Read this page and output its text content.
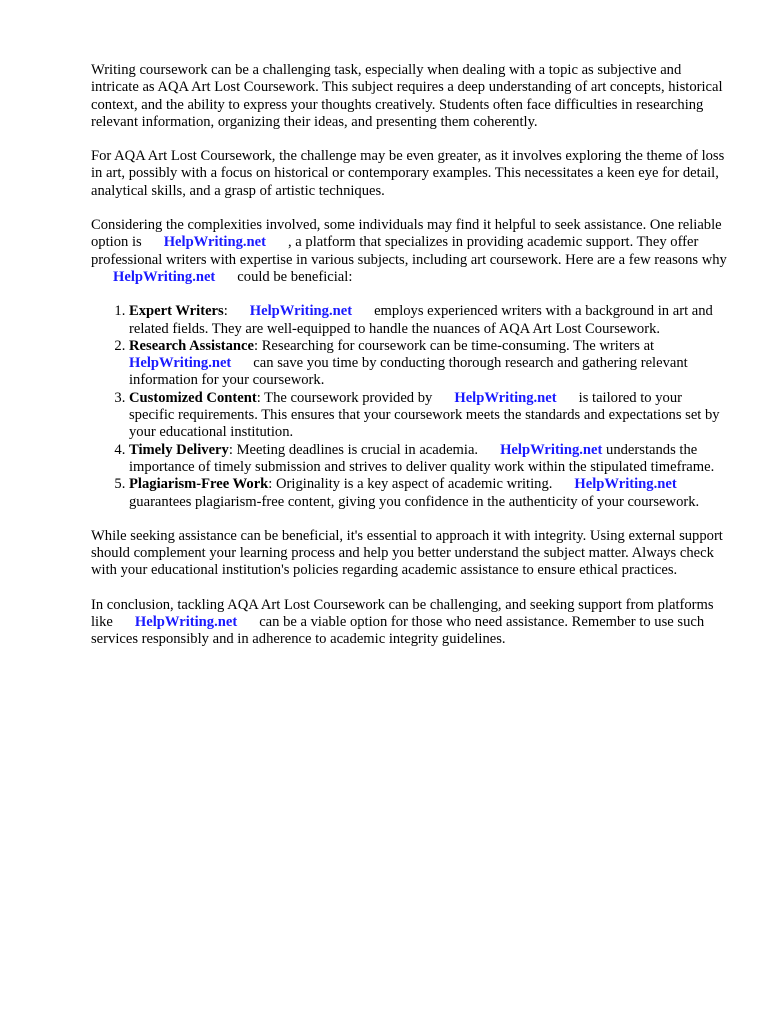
Writing coursework can be a challenging task, especially when dealing with a topic as subjective and intricate as AQA Art Lost Coursework. This subject requires a deep understanding of art concepts, historical context, and the ability to express your thoughts creatively. Students often face difficulties in researching relevant information, organizing their ideas, and presenting them coherently.

For AQA Art Lost Coursework, the challenge may be even greater, as it involves exploring the theme of loss in art, possibly with a focus on historical or contemporary examples. This necessitates a keen eye for detail, analytical skills, and a grasp of artistic techniques.

Considering the complexities involved, some individuals may find it helpful to seek assistance. One reliable option is HelpWriting.net , a platform that specializes in providing academic support. They offer professional writers with expertise in various subjects, including art coursework. Here are a few reasons whyHelpWriting.net could be beneficial:

1. Expert Writers: HelpWriting.net employs experienced writers with a background in art and related fields. They are well-equipped to handle the nuances of AQA Art Lost Coursework.
2. Research Assistance: Researching for coursework can be time-consuming. The writers at HelpWriting.net can save you time by conducting thorough research and gathering relevant information for your coursework.
3. Customized Content: The coursework provided by HelpWriting.net is tailored to your specific requirements. This ensures that your coursework meets the standards and expectations set by your educational institution.
4. Timely Delivery: Meeting deadlines is crucial in academia. HelpWriting.net understands the importance of timely submission and strives to deliver quality work within the stipulated timeframe.
5. Plagiarism-Free Work: Originality is a key aspect of academic writing. HelpWriting.netguarantees plagiarism-free content, giving you confidence in the authenticity of your coursework.

While seeking assistance can be beneficial, it's essential to approach it with integrity. Using external support should complement your learning process and help you better understand the subject matter. Always check with your educational institution's policies regarding academic assistance to ensure ethical practices.

In conclusion, tackling AQA Art Lost Coursework can be challenging, and seeking support from platforms like HelpWriting.net can be a viable option for those who need assistance. Remember to use such services responsibly and in adherence to academic integrity guidelines.
